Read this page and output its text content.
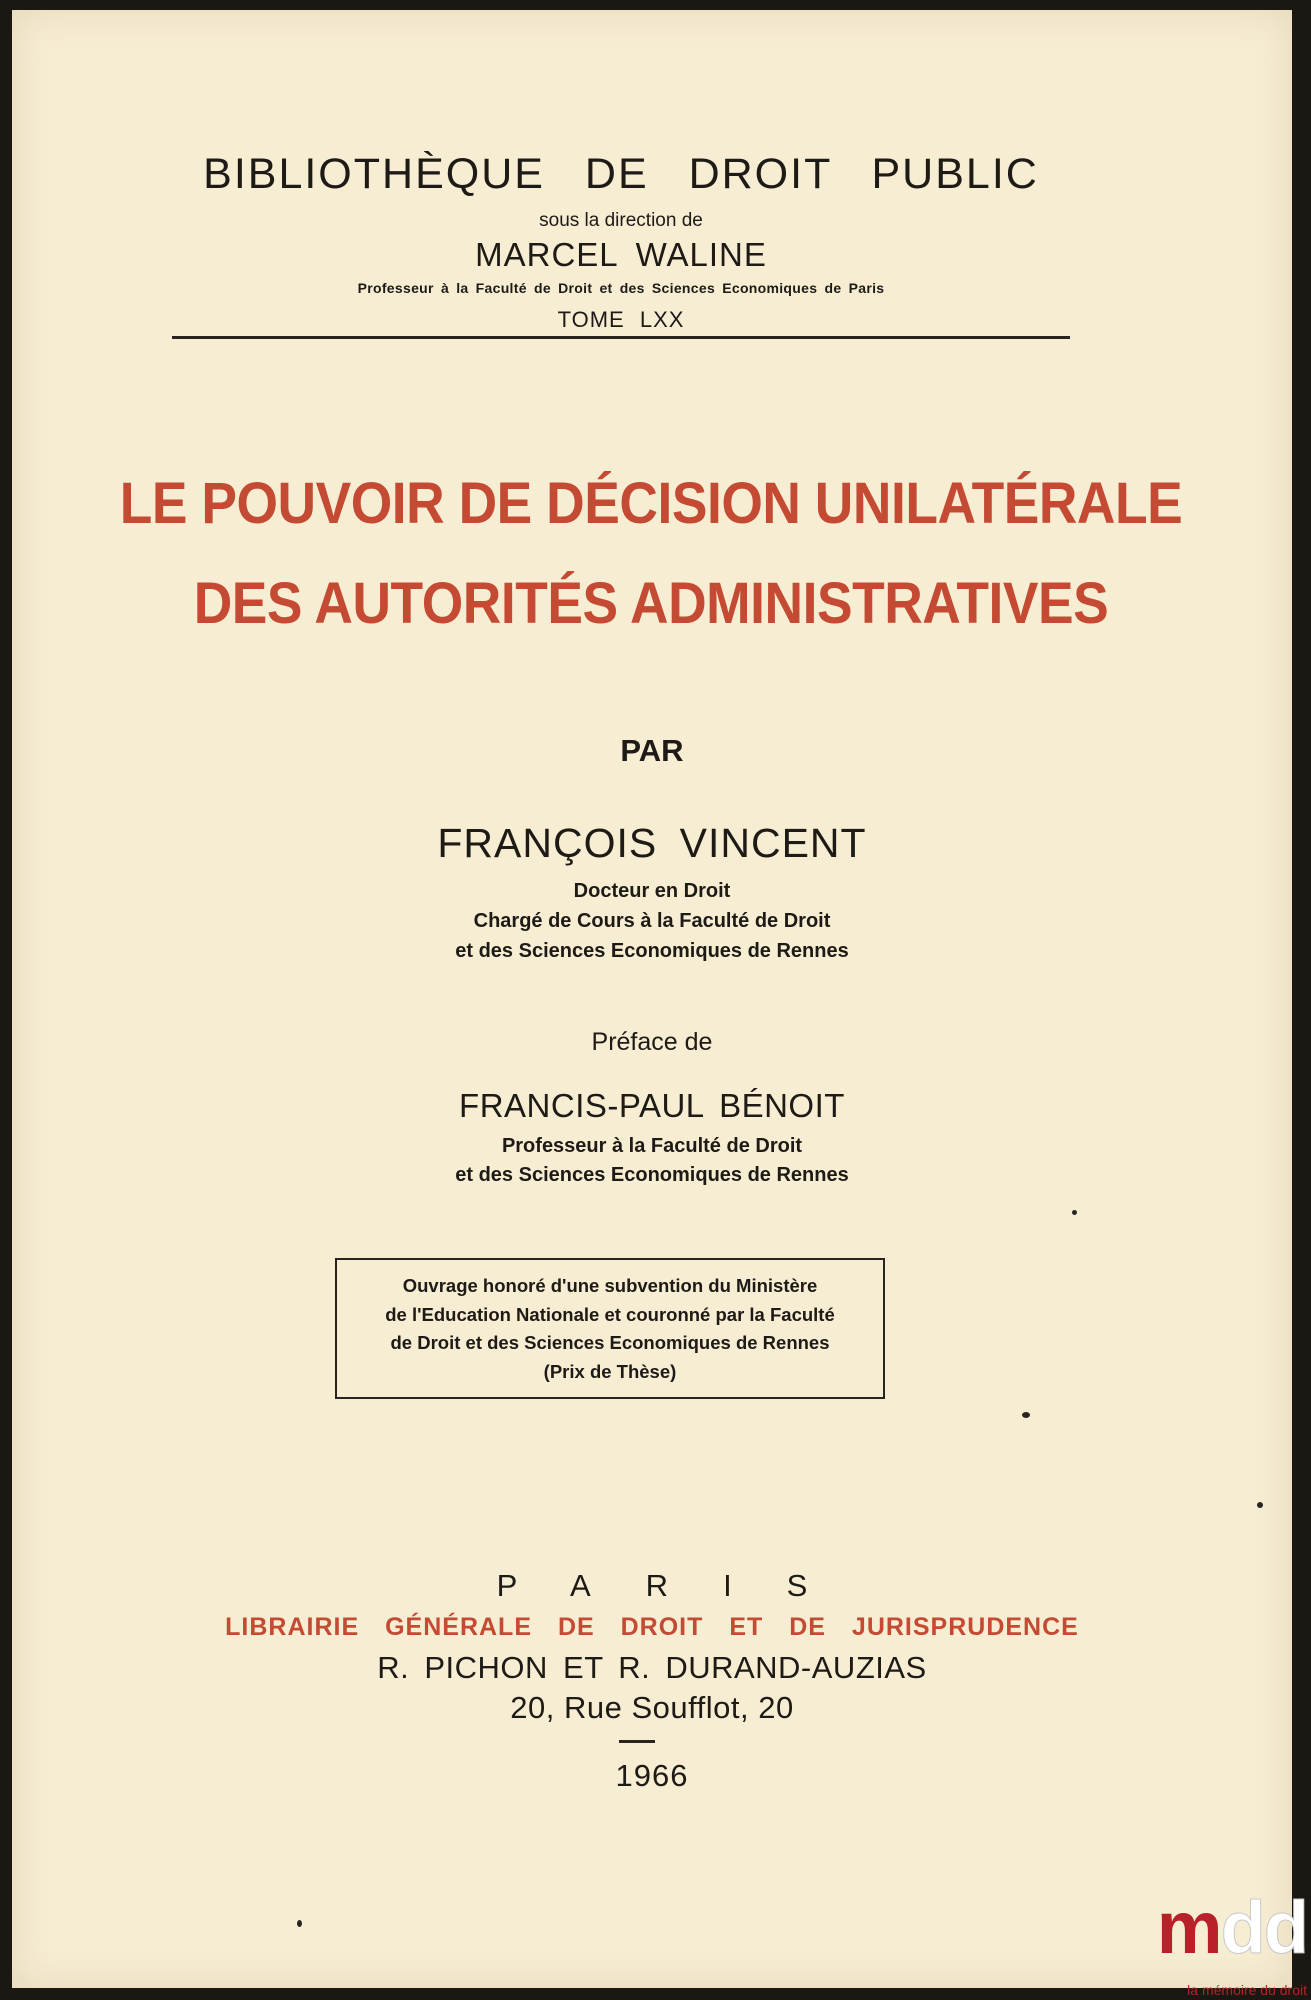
BIBLIOTHÈQUE DE DROIT PUBLIC
sous la direction de
MARCEL WALINE
Professeur à la Faculté de Droit et des Sciences Economiques de Paris
TOME LXX
LE POUVOIR DE DÉCISION UNILATÉRALE
DES AUTORITÉS ADMINISTRATIVES
PAR
FRANÇOIS VINCENT
Docteur en Droit
Chargé de Cours à la Faculté de Droit
et des Sciences Economiques de Rennes
Préface de
FRANCIS-PAUL BÉNOIT
Professeur à la Faculté de Droit
et des Sciences Economiques de Rennes
Ouvrage honoré d'une subvention du Ministère
de l'Education Nationale et couronné par la Faculté
de Droit et des Sciences Economiques de Rennes
(Prix de Thèse)
PARIS
LIBRAIRIE GÉNÉRALE DE DROIT ET DE JURISPRUDENCE
R. PICHON ET R. DURAND-AUZIAS
20, Rue Soufflot, 20
1966
mdd
la mémoire du droit
